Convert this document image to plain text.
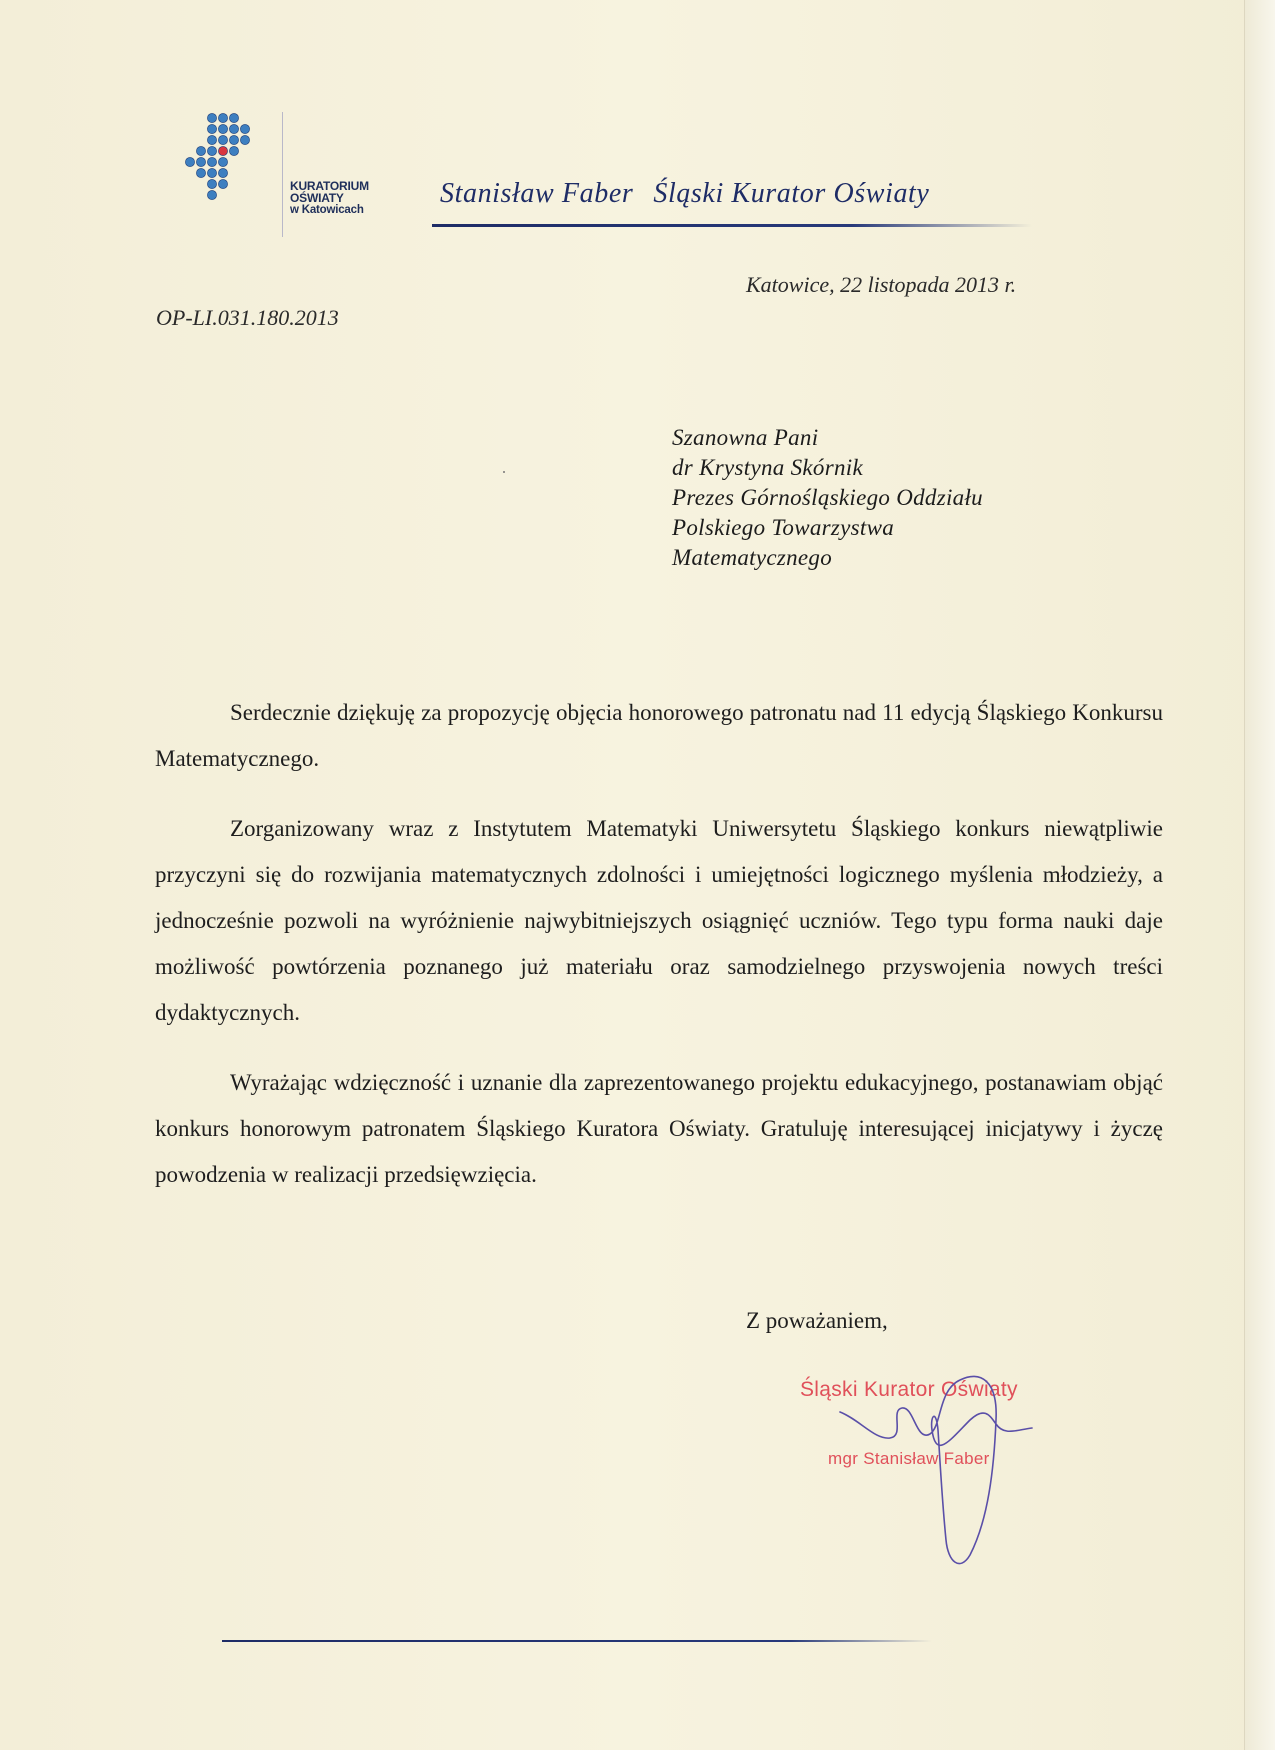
KURATORIUM
OŚWIATY
w Katowicach
Stanisław Faber Śląski Kurator Oświaty
Katowice, 22 listopada 2013 r.
OP-LI.031.180.2013
Szanowna Pani
dr Krystyna Skórnik
Prezes Górnośląskiego Oddziału
Polskiego Towarzystwa
Matematycznego

Serdecznie dziękuję za propozycję objęcia honorowego patronatu nad 11 edycją Śląskiego Konkursu Matematycznego.

Zorganizowany wraz z Instytutem Matematyki Uniwersytetu Śląskiego konkurs niewątpliwie przyczyni się do rozwijania matematycznych zdolności i umiejętności logicznego myślenia młodzieży, a jednocześnie pozwoli na wyróżnienie najwybitniejszych osiągnięć uczniów. Tego typu forma nauki daje możliwość powtórzenia poznanego już materiału oraz samodzielnego przyswojenia nowych treści dydaktycznych.

Wyrażając wdzięczność i uznanie dla zaprezentowanego projektu edukacyjnego, postanawiam objąć konkurs honorowym patronatem Śląskiego Kuratora Oświaty. Gratuluję interesującej inicjatywy i życzę powodzenia w realizacji przedsięwzięcia.

Z poważaniem,
Śląski Kurator Oświaty
mgr Stanisław Faber
